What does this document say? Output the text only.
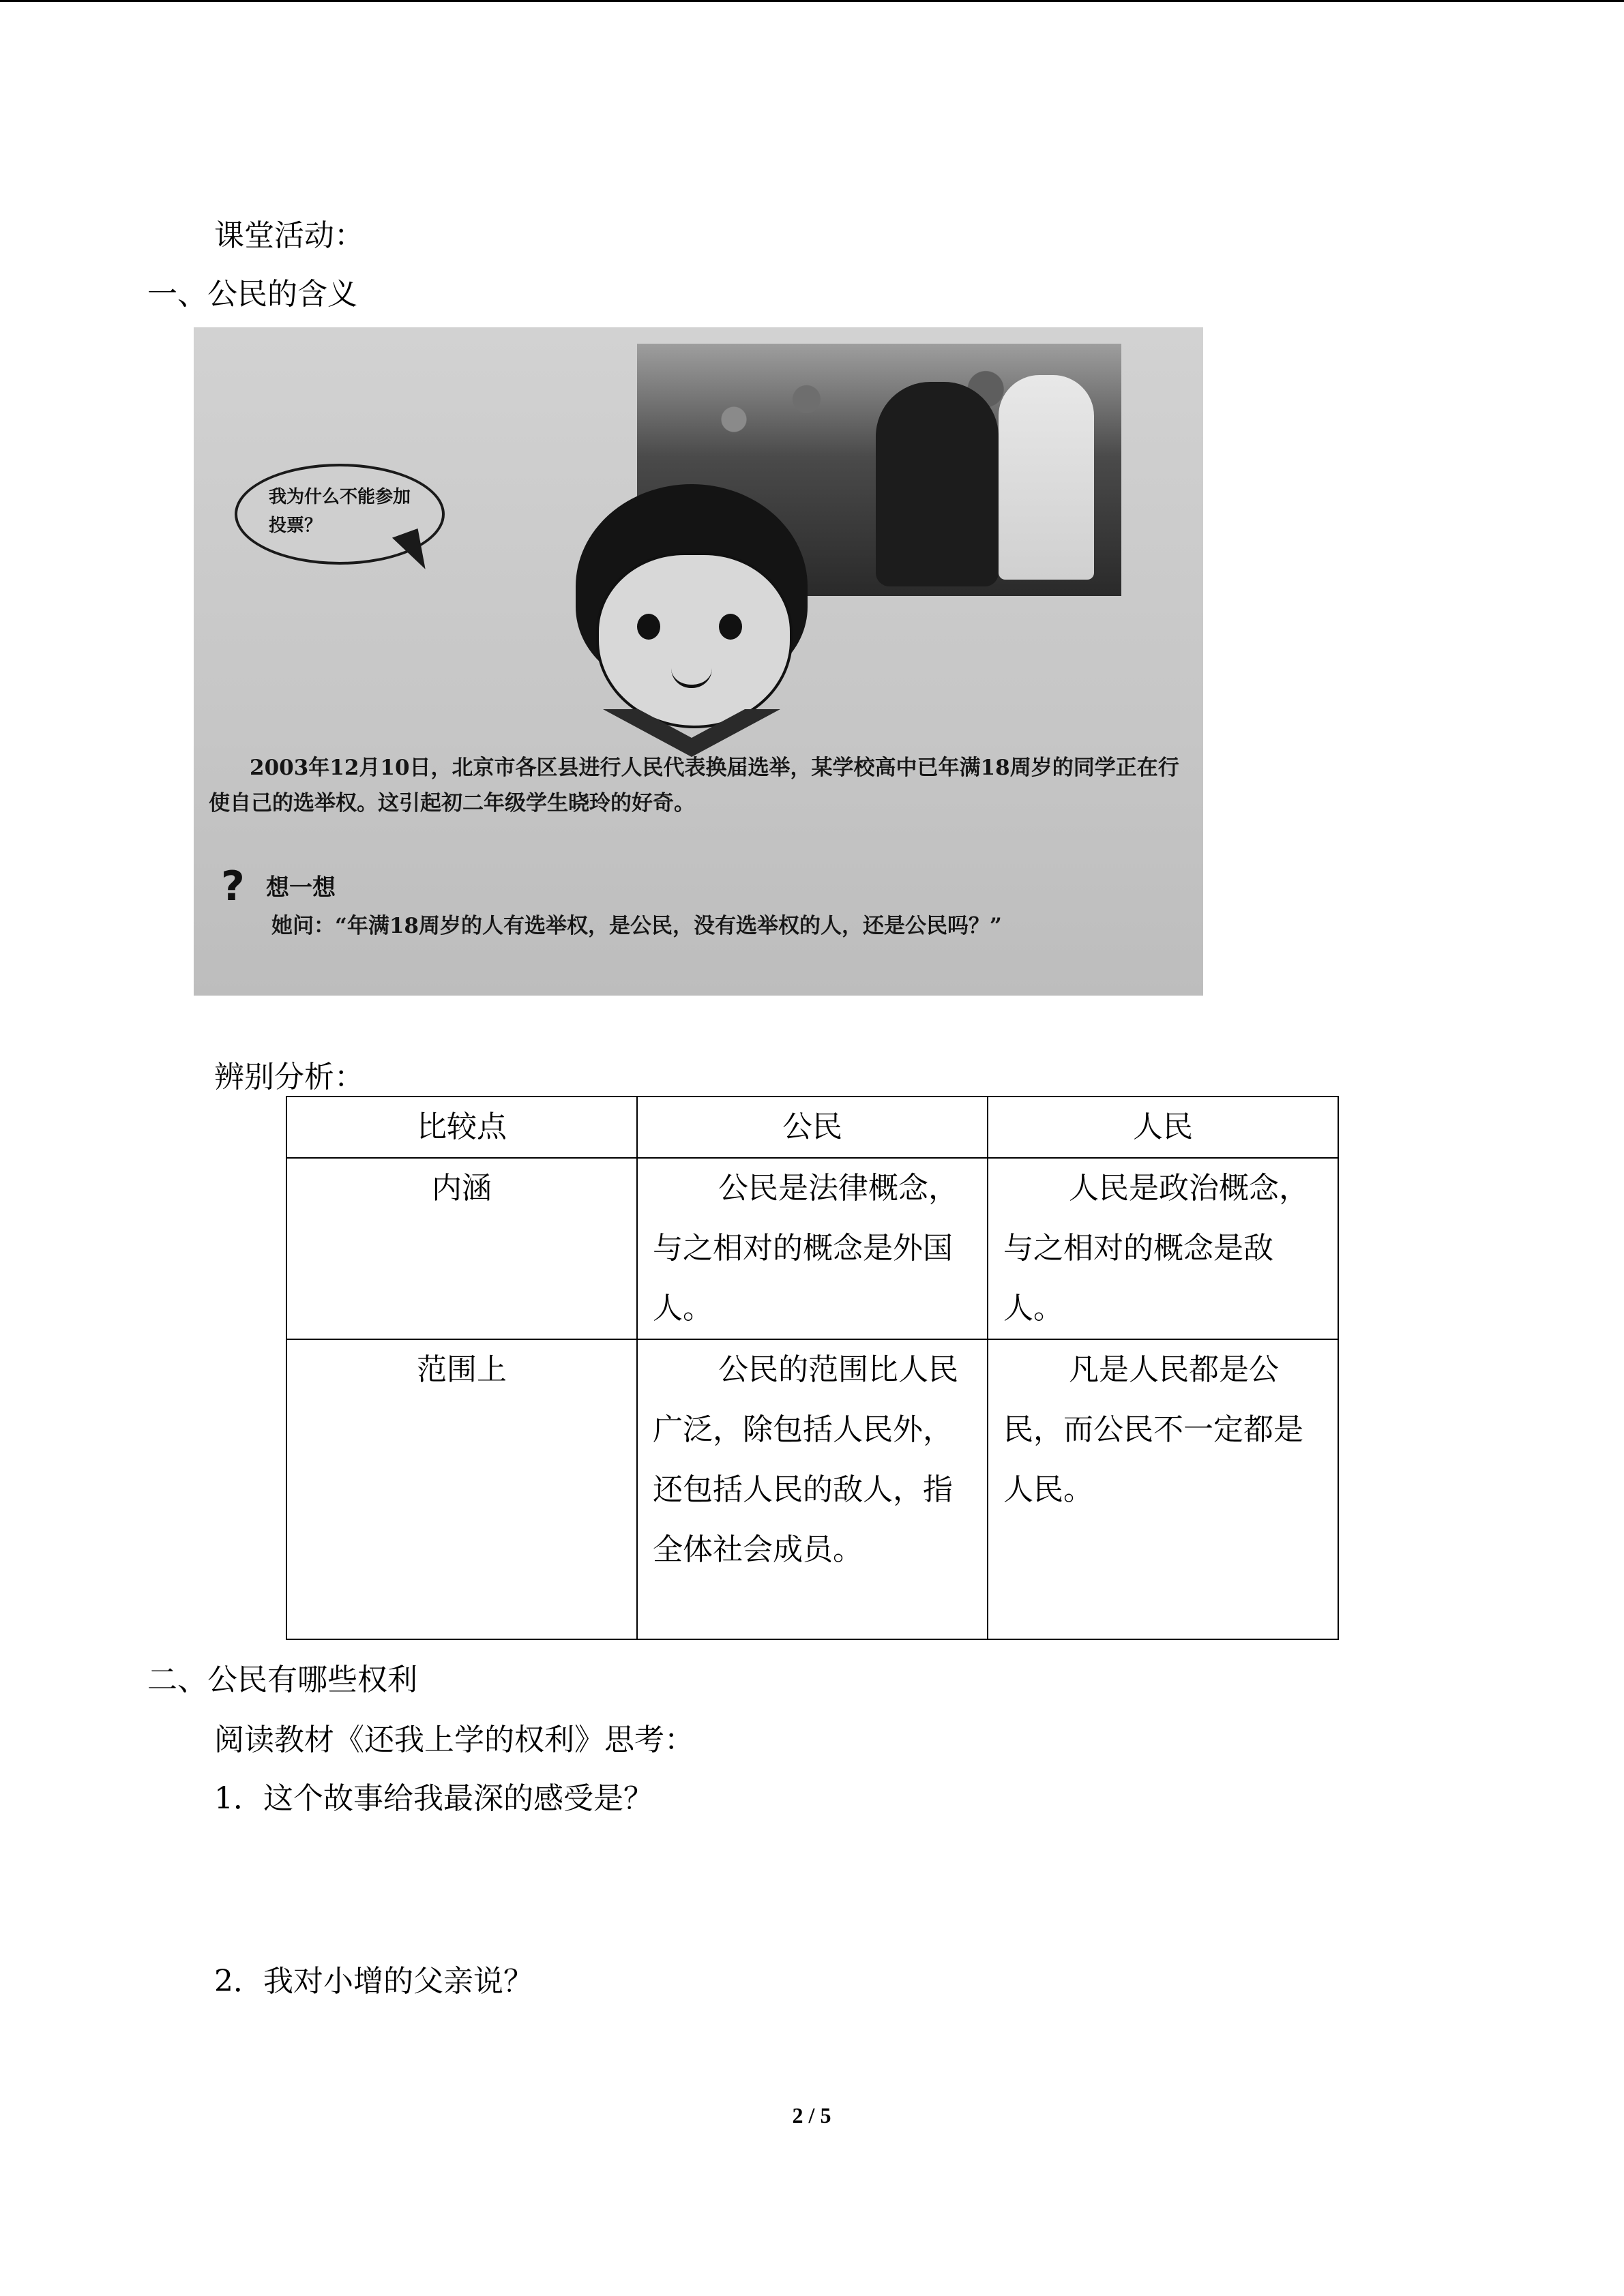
课堂活动：
一、公民的含义
我为什么不能参加投票？
2003年12月10日，北京市各区县进行人民代表换届选举，某学校高中已年满18周岁的同学正在行使自己的选举权。这引起初二年级学生晓玲的好奇。
? 想一想
她问：“年满18周岁的人有选举权，是公民，没有选举权的人，还是公民吗？”
辨别分析：
比较点	公民	人民
内涵	公民是法律概念，与之相对的概念是外国人。	人民是政治概念，与之相对的概念是敌人。
范围上	公民的范围比人民广泛，除包括人民外，还包括人民的敌人，指全体社会成员。	凡是人民都是公民，而公民不一定都是人民。
二、公民有哪些权利
阅读教材《还我上学的权利》思考：
1．这个故事给我最深的感受是？
2．我对小增的父亲说？
2 / 5
